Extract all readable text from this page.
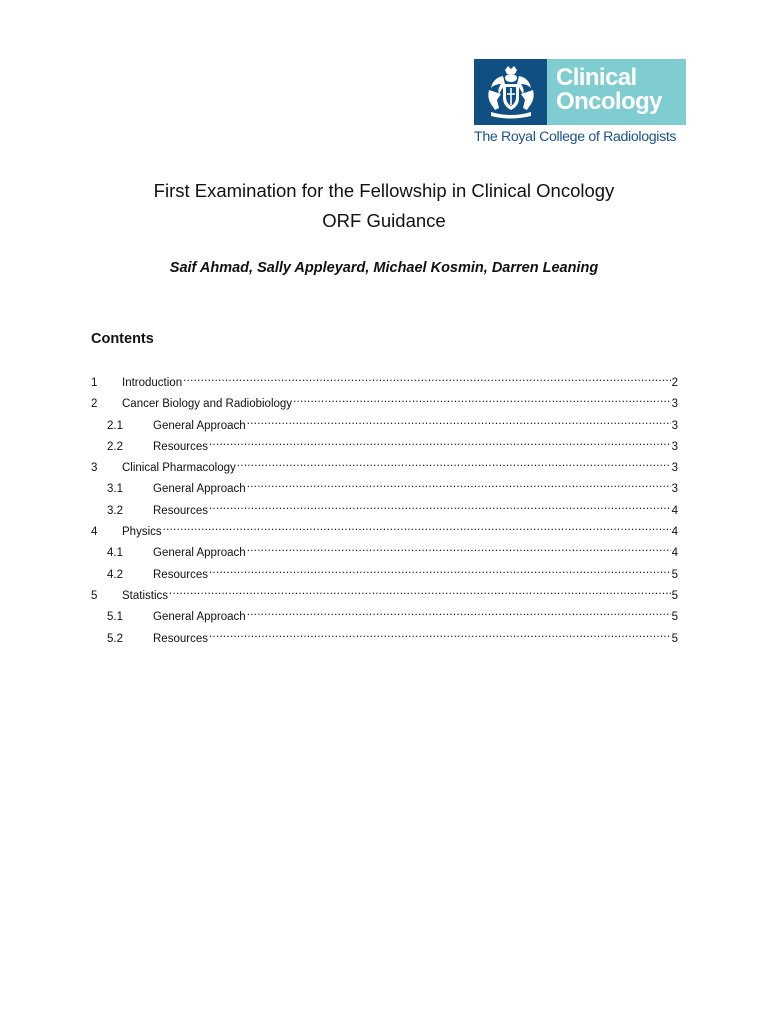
Clinical
Oncology
The Royal College of Radiologists
First Examination for the Fellowship in Clinical Oncology
ORF Guidance
Saif Ahmad, Sally Appleyard, Michael Kosmin, Darren Leaning
Contents
1	Introduction .....	2
2	Cancer Biology and Radiobiology .....	3
2.1	General Approach .....	3
2.2	Resources .....	3
3	Clinical Pharmacology .....	3
3.1	General Approach .....	3
3.2	Resources .....	4
4	Physics .....	4
4.1	General Approach .....	4
4.2	Resources .....	5
5	Statistics .....	5
5.1	General Approach .....	5
5.2	Resources .....	5
